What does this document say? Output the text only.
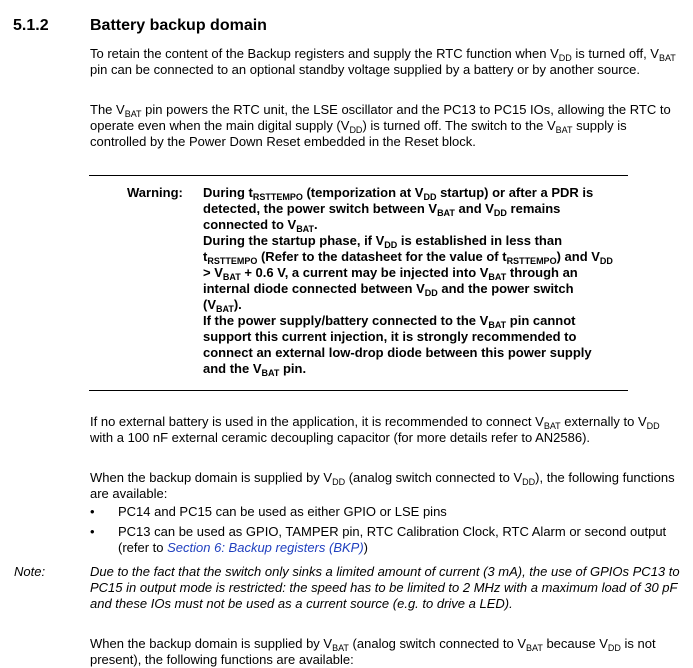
5.1.2	Battery backup domain

To retain the content of the Backup registers and supply the RTC function when $V_{DD}$ is turned off, $V_{BAT}$ pin can be connected to an optional standby voltage supplied by a battery or by another source.

The $V_{BAT}$ pin powers the RTC unit, the LSE oscillator and the PC13 to PC15 IOs, allowing the RTC to operate even when the main digital supply $(V_{DD})$ is turned off. The switch to the $V_{BAT}$ supply is controlled by the Power Down Reset embedded in the Reset block.

Warning: During $t_{RSTTEMPO}$ (temporization at $V_{DD}$ startup) or after a PDR is detected, the power switch between $V_{BAT}$ and $V_{DD}$ remains connected to $V_{BAT}$.
During the startup phase, if $V_{DD}$ is established in less than $t_{RSTTEMPO}$ (Refer to the datasheet for the value of $t_{RSTTEMPO}$) and $V_{DD} > V_{BAT} + 0.6$ V, a current may be injected into $V_{BAT}$ through an internal diode connected between $V_{DD}$ and the power switch $(V_{BAT})$.
If the power supply/battery connected to the $V_{BAT}$ pin cannot support this current injection, it is strongly recommended to connect an external low-drop diode between this power supply and the $V_{BAT}$ pin.

If no external battery is used in the application, it is recommended to connect $V_{BAT}$ externally to $V_{DD}$ with a 100 nF external ceramic decoupling capacitor (for more details refer to AN2586).

When the backup domain is supplied by $V_{DD}$ (analog switch connected to $V_{DD}$), the following functions are available:

• PC14 and PC15 can be used as either GPIO or LSE pins
• PC13 can be used as GPIO, TAMPER pin, RTC Calibration Clock, RTC Alarm or second output (refer to Section 6: Backup registers (BKP))
Note:	Due to the fact that the switch only sinks a limited amount of current (3 mA), the use of GPIOs PC13 to PC15 in output mode is restricted: the speed has to be limited to 2 MHz with a maximum load of 30 pF and these IOs must not be used as a current source (e.g. to drive a LED).

When the backup domain is supplied by $V_{BAT}$ (analog switch connected to $V_{BAT}$ because $V_{DD}$ is not present), the following functions are available:
